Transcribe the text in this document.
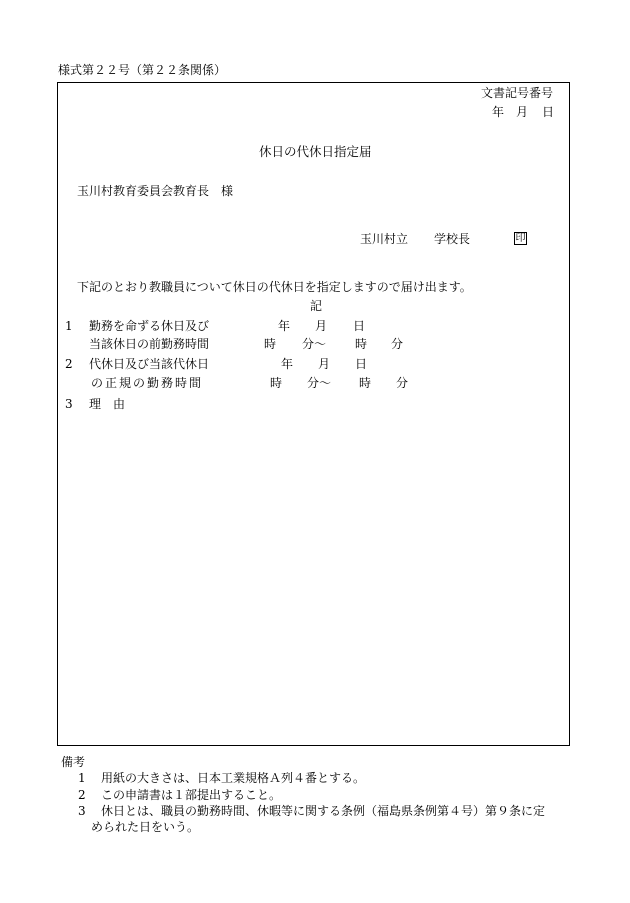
様式第２２号（第２２条関係）
文書記号番号
年 月 日
休日の代休日指定届
玉川村教育委員会教育長　様
玉川村立 学校長	印
下記のとおり教職員について休日の代休日を指定しますので届け出ます。
記
1 勤務を命ずる休日及び	年 月 日
当該休日の前勤務時間	時 分～ 時 分
2 代休日及び当該代休日	年 月 日
の正規の勤務時間	時 分～ 時 分
3 理　由
備考
1 用紙の大きさは、日本工業規格Ａ列４番とする。
2 この申請書は１部提出すること。
3 休日とは、職員の勤務時間、休暇等に関する条例（福島県条例第４号）第９条に定
められた日をいう。
